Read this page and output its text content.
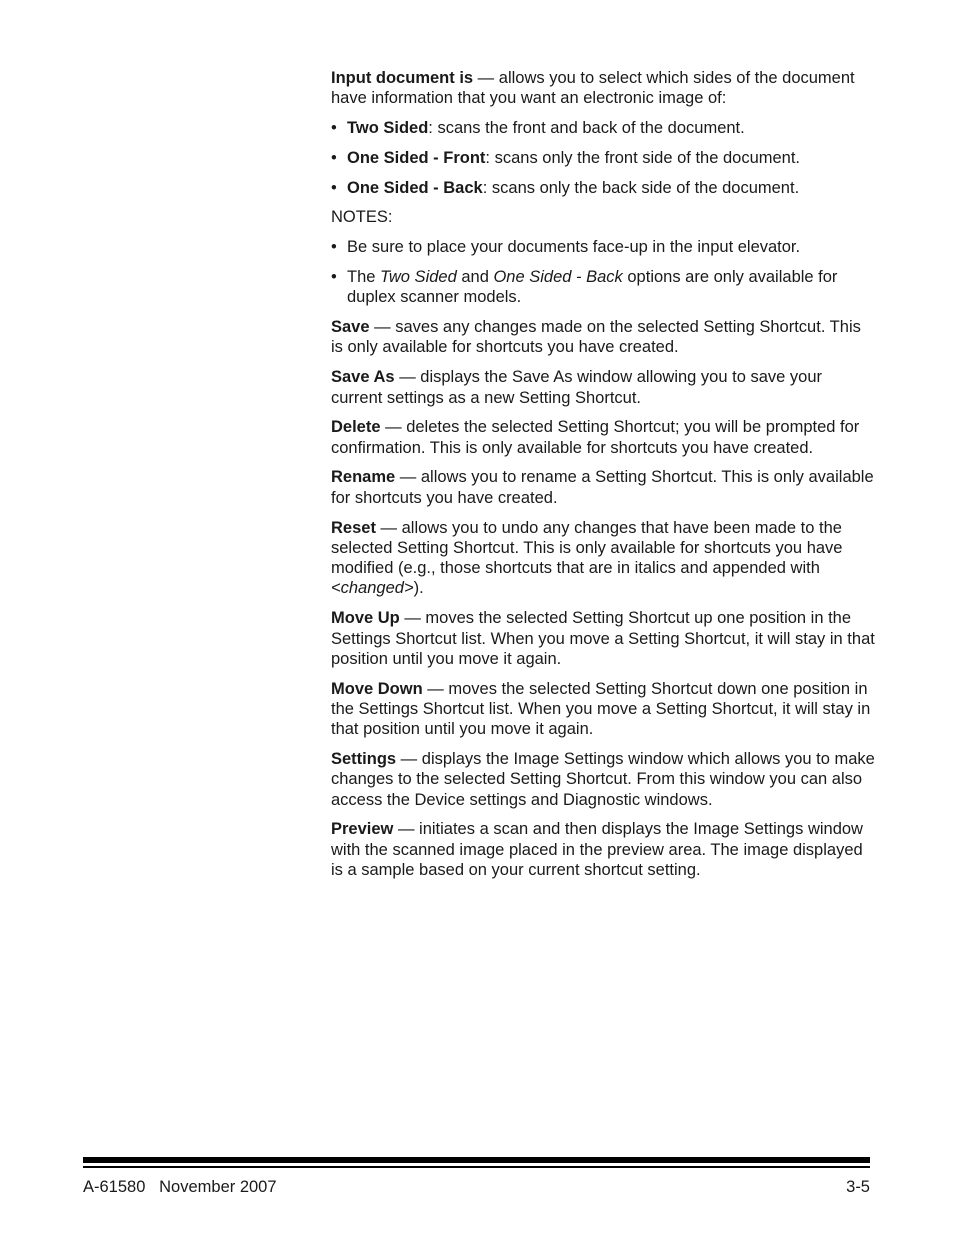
Input document is — allows you to select which sides of the document have information that you want an electronic image of:

• Two Sided: scans the front and back of the document.
• One Sided - Front: scans only the front side of the document.
• One Sided - Back: scans only the back side of the document.

NOTES:

• Be sure to place your documents face-up in the input elevator.
• The Two Sided and One Sided - Back options are only available for duplex scanner models.

Save — saves any changes made on the selected Setting Shortcut. This is only available for shortcuts you have created.

Save As — displays the Save As window allowing you to save your current settings as a new Setting Shortcut.

Delete — deletes the selected Setting Shortcut; you will be prompted for confirmation. This is only available for shortcuts you have created.

Rename — allows you to rename a Setting Shortcut. This is only available for shortcuts you have created.

Reset — allows you to undo any changes that have been made to the selected Setting Shortcut. This is only available for shortcuts you have modified (e.g., those shortcuts that are in italics and appended with <changed>).

Move Up — moves the selected Setting Shortcut up one position in the Settings Shortcut list. When you move a Setting Shortcut, it will stay in that position until you move it again.

Move Down — moves the selected Setting Shortcut down one position in the Settings Shortcut list. When you move a Setting Shortcut, it will stay in that position until you move it again.

Settings — displays the Image Settings window which allows you to make changes to the selected Setting Shortcut. From this window you can also access the Device settings and Diagnostic windows.

Preview — initiates a scan and then displays the Image Settings window with the scanned image placed in the preview area. The image displayed is a sample based on your current shortcut setting.

A-61580   November 2007	3-5
